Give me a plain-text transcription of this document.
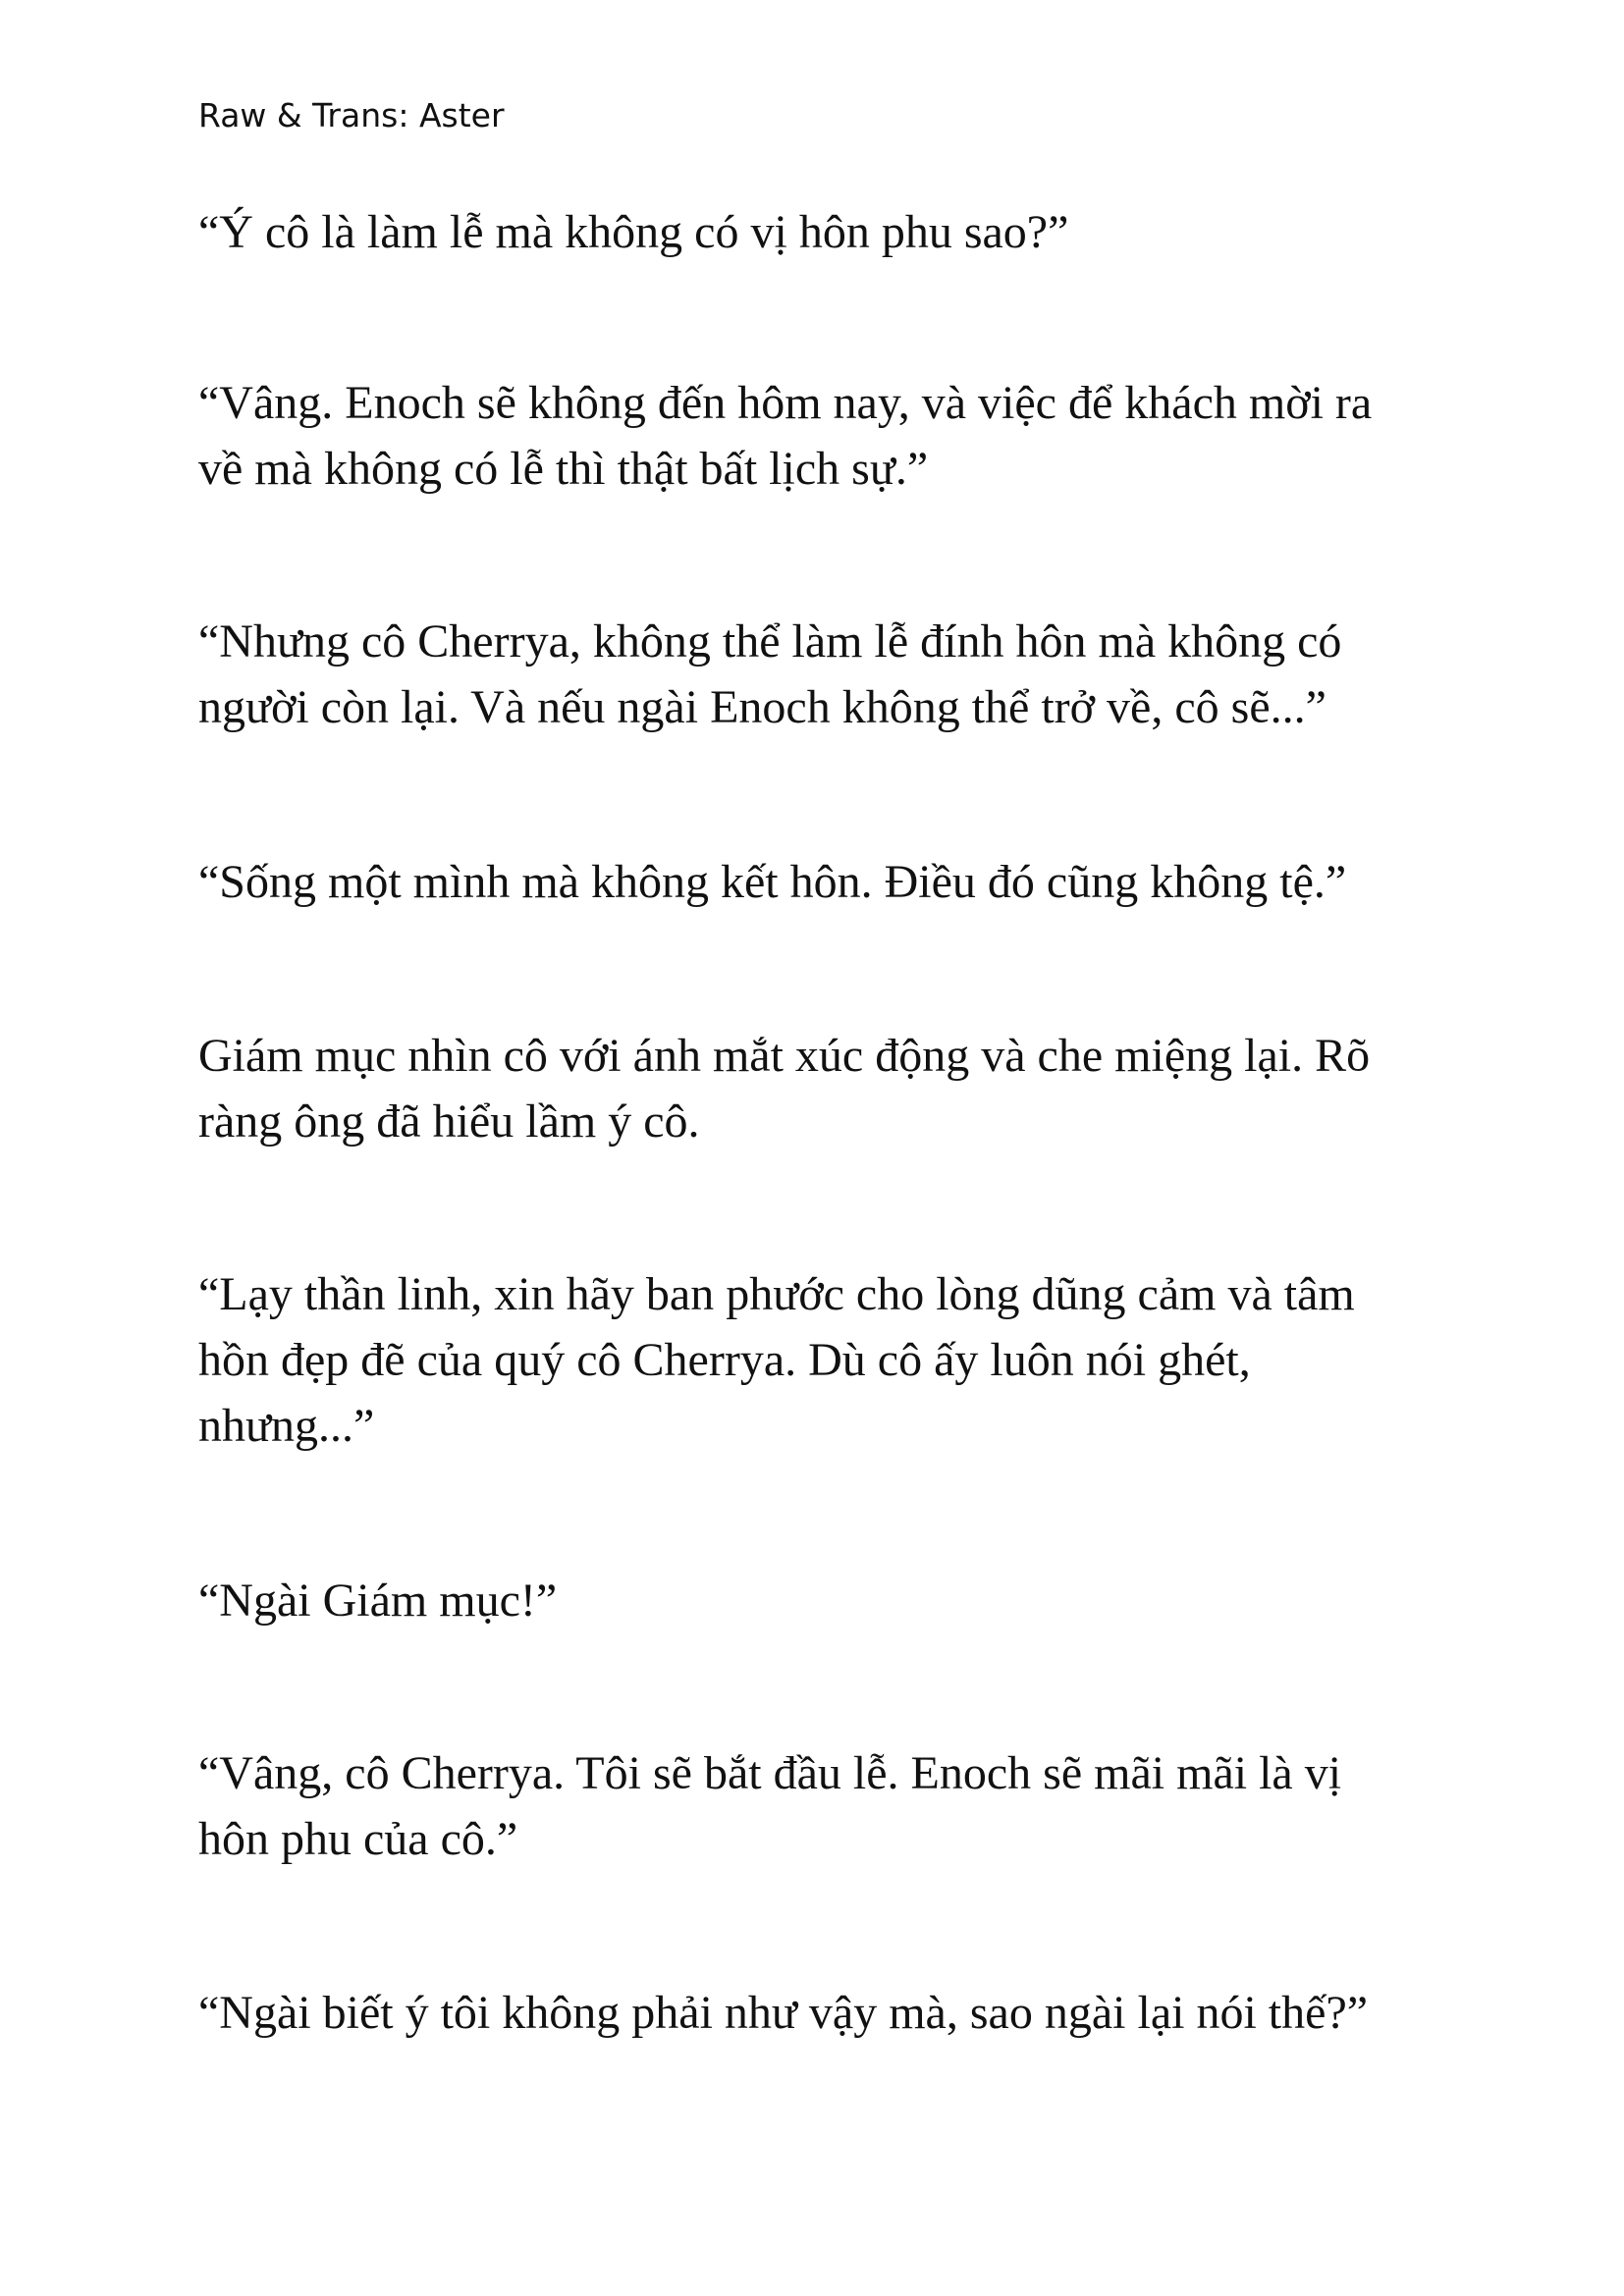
Raw & Trans: Aster
“Ý cô là làm lễ mà không có vị hôn phu sao?”
“Vâng. Enoch sẽ không đến hôm nay, và việc để khách mời ra
về mà không có lễ thì thật bất lịch sự.”
“Nhưng cô Cherrya, không thể làm lễ đính hôn mà không có
người còn lại. Và nếu ngài Enoch không thể trở về, cô sẽ...”
“Sống một mình mà không kết hôn. Điều đó cũng không tệ.”
Giám mục nhìn cô với ánh mắt xúc động và che miệng lại. Rõ
ràng ông đã hiểu lầm ý cô.
“Lạy thần linh, xin hãy ban phước cho lòng dũng cảm và tâm
hồn đẹp đẽ của quý cô Cherrya. Dù cô ấy luôn nói ghét,
nhưng...”
“Ngài Giám mục!”
“Vâng, cô Cherrya. Tôi sẽ bắt đầu lễ. Enoch sẽ mãi mãi là vị
hôn phu của cô.”
“Ngài biết ý tôi không phải như vậy mà, sao ngài lại nói thế?”
